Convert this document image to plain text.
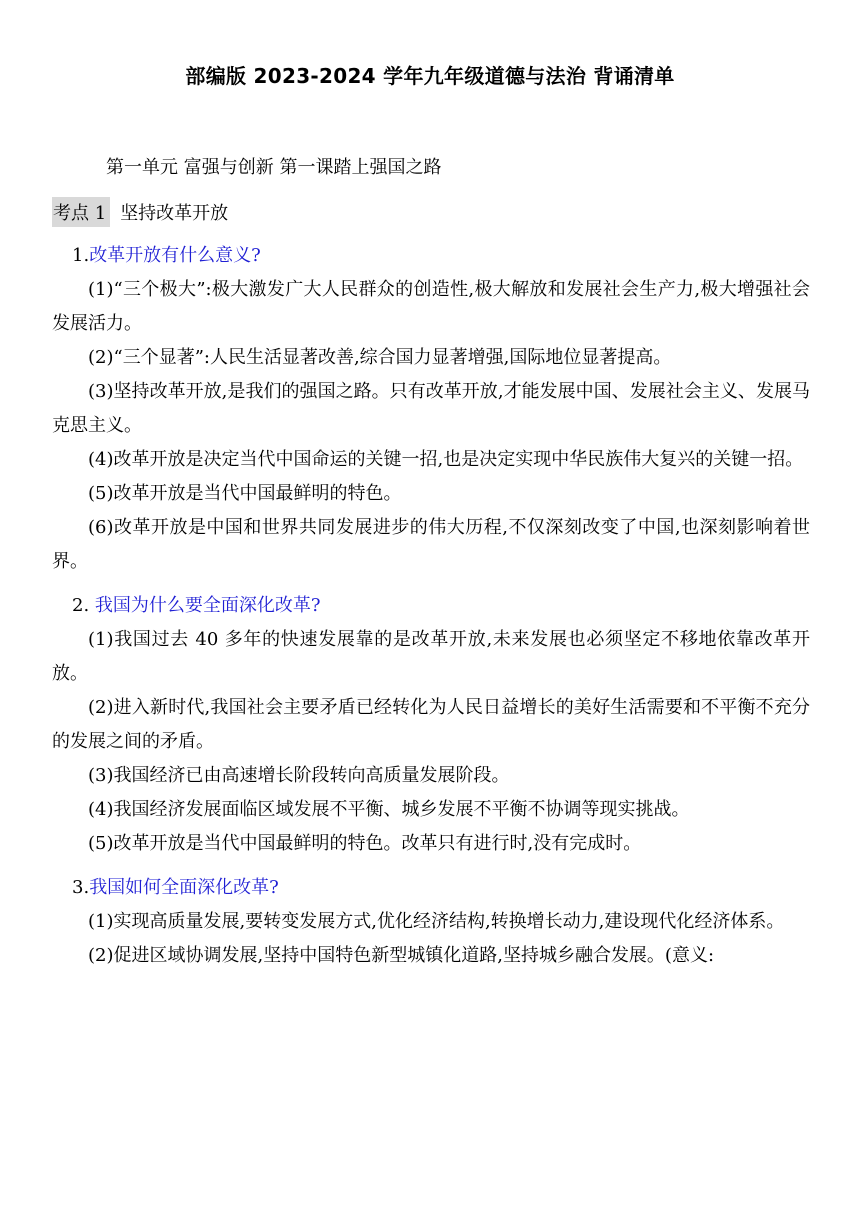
部编版 2023-2024 学年九年级道德与法治 背诵清单
第一单元 富强与创新 第一课踏上强国之路
考点 1 坚持改革开放

1.改革开放有什么意义?

(1)“三个极大”:极大激发广大人民群众的创造性,极大解放和发展社会生产力,极大增强社会发展活力。

(2)“三个显著”:人民生活显著改善,综合国力显著增强,国际地位显著提高。

(3)坚持改革开放,是我们的强国之路。只有改革开放,才能发展中国、发展社会主义、发展马克思主义。

(4)改革开放是决定当代中国命运的关键一招,也是决定实现中华民族伟大复兴的关键一招。

(5)改革开放是当代中国最鲜明的特色。

(6)改革开放是中国和世界共同发展进步的伟大历程,不仅深刻改变了中国,也深刻影响着世界。

2. 我国为什么要全面深化改革?

(1)我国过去 40 多年的快速发展靠的是改革开放,未来发展也必须坚定不移地依靠改革开放。

(2)进入新时代,我国社会主要矛盾已经转化为人民日益增长的美好生活需要和不平衡不充分的发展之间的矛盾。

(3)我国经济已由高速增长阶段转向高质量发展阶段。

(4)我国经济发展面临区域发展不平衡、城乡发展不平衡不协调等现实挑战。

(5)改革开放是当代中国最鲜明的特色。改革只有进行时,没有完成时。

3.我国如何全面深化改革?

(1)实现高质量发展,要转变发展方式,优化经济结构,转换增长动力,建设现代化经济体系。

(2)促进区域协调发展,坚持中国特色新型城镇化道路,坚持城乡融合发展。(意义:
